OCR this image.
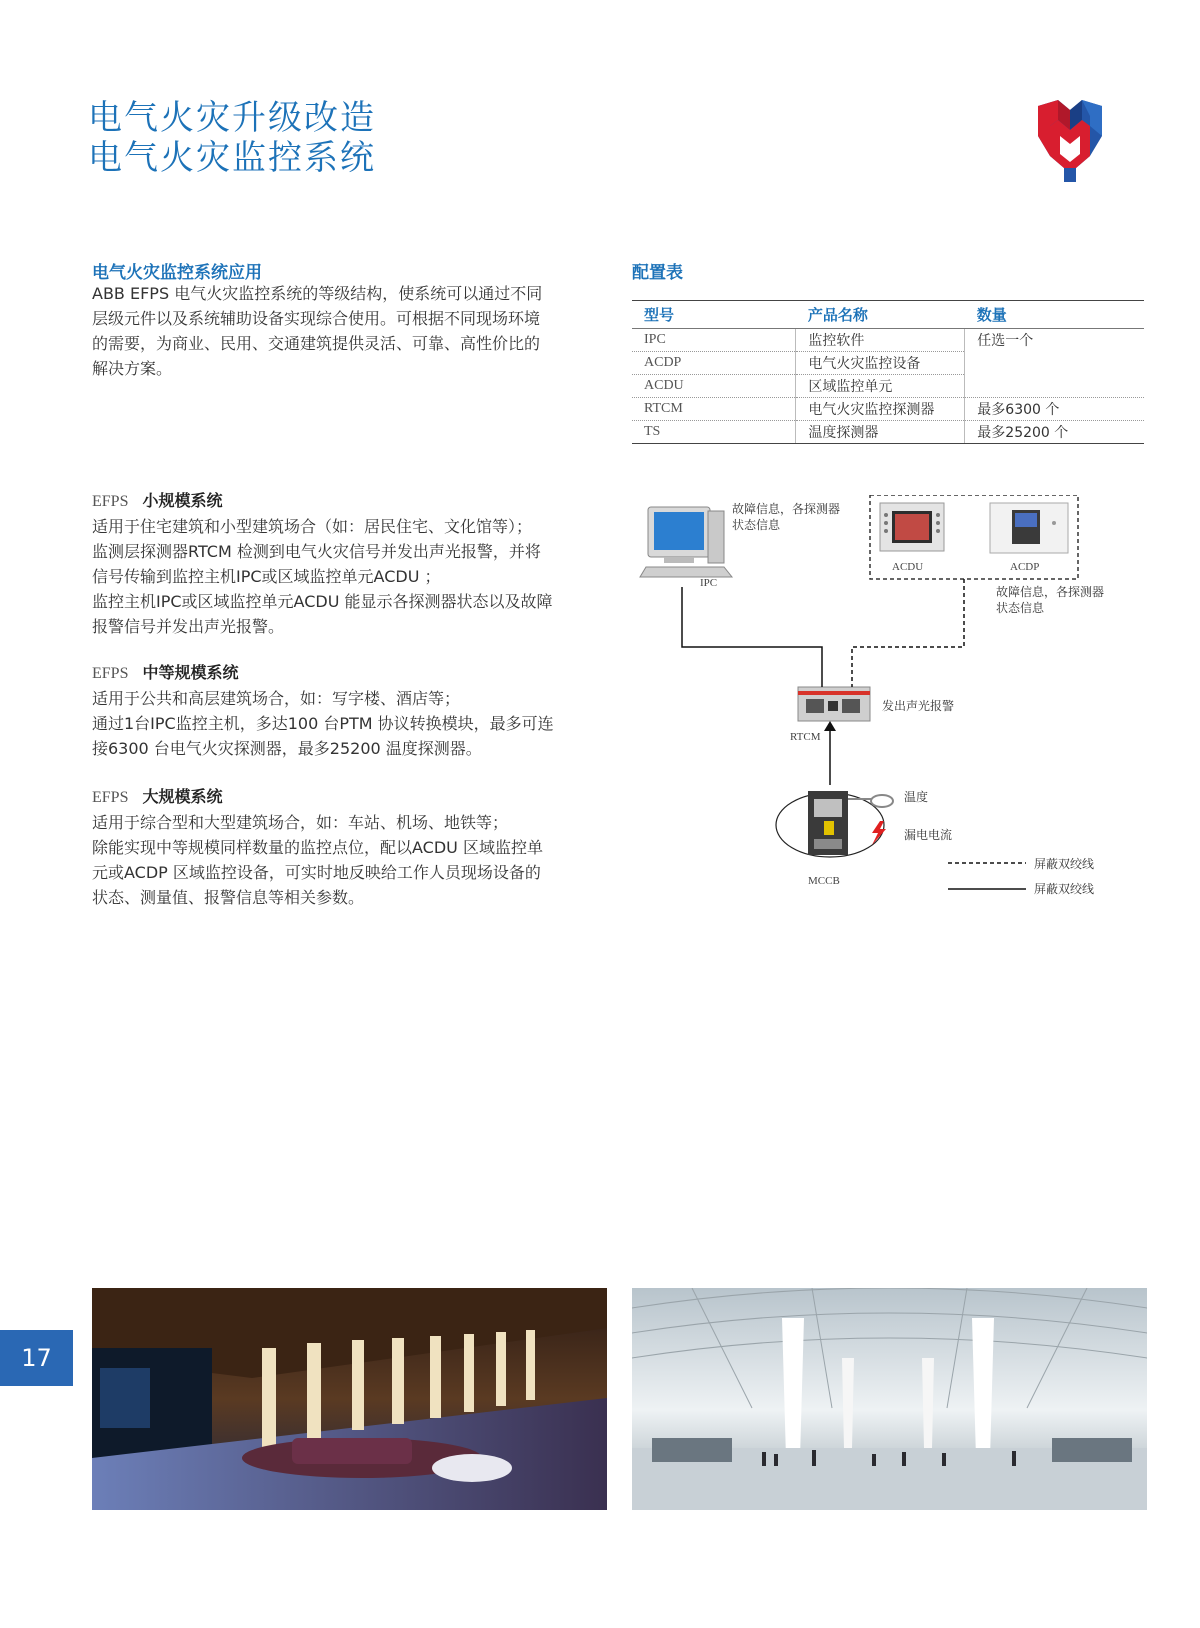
电气火灾升级改造
电气火灾监控系统
电气火灾监控系统应用
ABB EFPS 电气火灾监控系统的等级结构，使系统可以通过不同
层级元件以及系统辅助设备实现综合使用。可根据不同现场环境
的需要，为商业、民用、交通建筑提供灵活、可靠、高性价比的
解决方案。
配置表
型号	产品名称	数量
IPC	监控软件	任选一个
ACDP	电气火灾监控设备	
ACDU	区域监控单元	
RTCM	电气火灾监控探测器	最多6300 个
TS	温度探测器	最多25200 个
EFPS 小规模系统
适用于住宅建筑和小型建筑场合（如：居民住宅、文化馆等）；
监测层探测器RTCM 检测到电气火灾信号并发出声光报警，并将
信号传输到监控主机IPC或区域监控单元ACDU ；
监控主机IPC或区域监控单元ACDU 能显示各探测器状态以及故障
报警信号并发出声光报警。
EFPS 中等规模系统
适用于公共和高层建筑场合，如：写字楼、酒店等；
通过1台IPC监控主机，多达100 台PTM 协议转换模块，最多可连
接6300 台电气火灾探测器，最多25200 温度探测器。
EFPS 大规模系统
适用于综合型和大型建筑场合，如：车站、机场、地铁等；
除能实现中等规模同样数量的监控点位，配以ACDU 区域监控单
元或ACDP 区域监控设备，可实时地反映给工作人员现场设备的
状态、测量值、报警信息等相关参数。
故障信息，各探测器
状态信息
IPC
ACDU	ACDP
故障信息，各探测器
状态信息
发出声光报警
RTCM
温度
漏电电流
MCCB
屏蔽双绞线
屏蔽双绞线
17
